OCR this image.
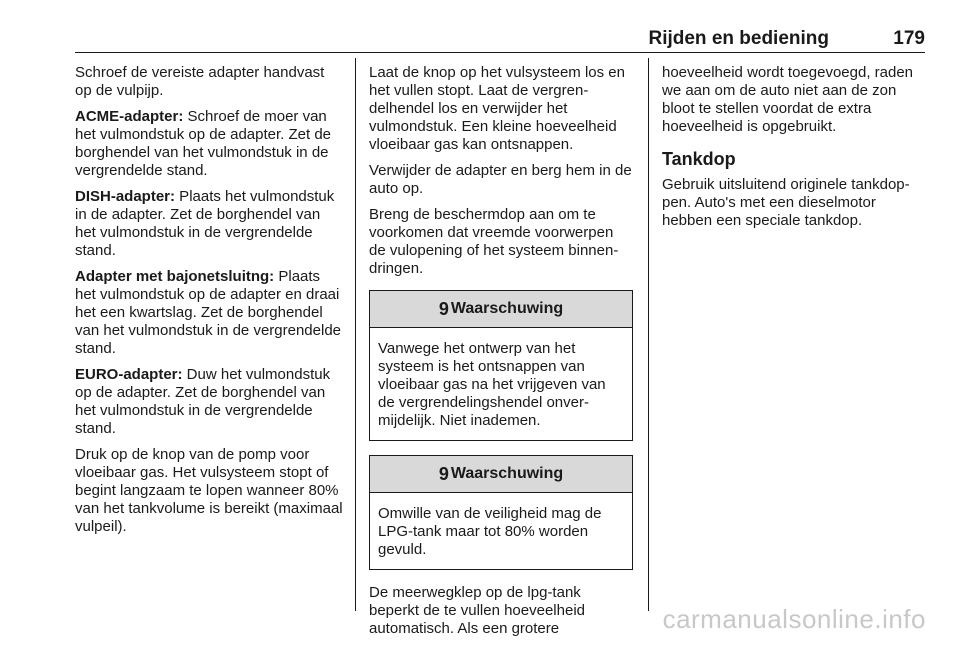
Rijden en bediening	179

Schroef de vereiste adapter handvast op de vulpijp.

ACME-adapter: Schroef de moer van het vulmondstuk op de adapter. Zet de borghendel van het vulmondstuk in de vergrendelde stand.

DISH-adapter: Plaats het vulmondstuk in de adapter. Zet de borghendel van het vulmondstuk in de vergrendelde stand.

Adapter met bajonetsluitng: Plaats het vulmondstuk op de adapter en draai het een kwartslag. Zet de borghendel van het vulmondstuk in de vergrendelde stand.

EURO-adapter: Duw het vulmondstuk op de adapter. Zet de borghendel van het vulmondstuk in de vergrendelde stand.

Druk op de knop van de pomp voor vloeibaar gas. Het vulsysteem stopt of begint langzaam te lopen wanneer 80% van het tankvolume is bereikt (maximaal vulpeil).

Laat de knop op het vulsysteem los en het vullen stopt. Laat de vergrendelhendel los en verwijder het vulmondstuk. Een kleine hoeveelheid vloeibaar gas kan ontsnappen.

Verwijder de adapter en berg hem in de auto op.

Breng de beschermdop aan om te voorkomen dat vreemde voorwerpen de vulopening of het systeem binnendringen.

9 Waarschuwing
Vanwege het ontwerp van het systeem is het ontsnappen van vloeibaar gas na het vrijgeven van de vergrendelingshendel onvermijdelijk. Niet inademen.
9 Waarschuwing
Omwille van de veiligheid mag de LPG-tank maar tot 80% worden gevuld.

De meerwegklep op de lpg-tank beperkt de te vullen hoeveelheid automatisch. Als een grotere

hoeveelheid wordt toegevoegd, raden we aan om de auto niet aan de zon bloot te stellen voordat de extra hoeveelheid is opgebruikt.

Tankdop

Gebruik uitsluitend originele tankdoppen. Auto's met een dieselmotor hebben een speciale tankdop.

carmanualsonline.info
